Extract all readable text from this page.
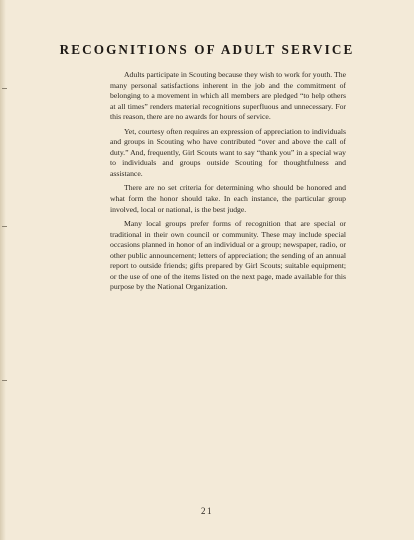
RECOGNITIONS OF ADULT SERVICE

Adults participate in Scouting because they wish to work for youth. The many personal satisfactions inherent in the job and the commitment of belonging to a movement in which all members are pledged “to help others at all times” renders material recognitions superfluous and unnecessary. For this reason, there are no awards for hours of service.

Yet, courtesy often requires an expression of appreciation to individuals and groups in Scouting who have contributed “over and above the call of duty.” And, frequently, Girl Scouts want to say “thank you” in a special way to individuals and groups outside Scouting for thoughtfulness and assistance.

There are no set criteria for determining who should be honored and what form the honor should take. In each instance, the particular group involved, local or national, is the best judge.

Many local groups prefer forms of recognition that are special or traditional in their own council or community. These may include special occasions planned in honor of an individual or a group; newspaper, radio, or other public announcement; letters of appreciation; the sending of an annual report to outside friends; gifts prepared by Girl Scouts; suitable equipment; or the use of one of the items listed on the next page, made available for this purpose by the National Organization.

21
